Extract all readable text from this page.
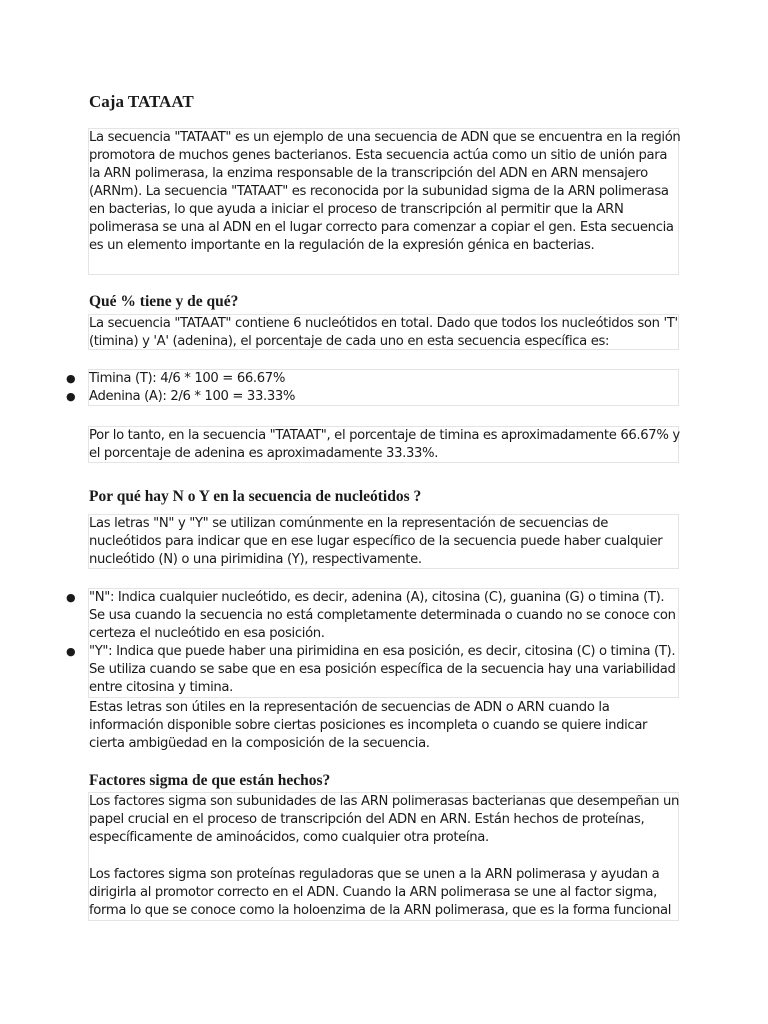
Caja TATAAT

La secuencia "TATAAT" es un ejemplo de una secuencia de ADN que se encuentra en la región promotora de muchos genes bacterianos. Esta secuencia actúa como un sitio de unión para la ARN polimerasa, la enzima responsable de la transcripción del ADN en ARN mensajero (ARNm). La secuencia "TATAAT" es reconocida por la subunidad sigma de la ARN polimerasa en bacterias, lo que ayuda a iniciar el proceso de transcripción al permitir que la ARN polimerasa se una al ADN en el lugar correcto para comenzar a copiar el gen. Esta secuencia es un elemento importante en la regulación de la expresión génica en bacterias.

Qué % tiene y de qué?

La secuencia "TATAAT" contiene 6 nucleótidos en total. Dado que todos los nucleótidos son 'T' (timina) y 'A' (adenina), el porcentaje de cada uno en esta secuencia específica es:

● Timina (T): 4/6 * 100 = 66.67%
● Adenina (A): 2/6 * 100 = 33.33%

Por lo tanto, en la secuencia "TATAAT", el porcentaje de timina es aproximadamente 66.67% y el porcentaje de adenina es aproximadamente 33.33%.

Por qué hay N o Y en la secuencia de nucleótidos ?

Las letras "N" y "Y" se utilizan comúnmente en la representación de secuencias de nucleótidos para indicar que en ese lugar específico de la secuencia puede haber cualquier nucleótido (N) o una pirimidina (Y), respectivamente.

● "N": Indica cualquier nucleótido, es decir, adenina (A), citosina (C), guanina (G) o timina (T). Se usa cuando la secuencia no está completamente determinada o cuando no se conoce con certeza el nucleótido en esa posición.
● "Y": Indica que puede haber una pirimidina en esa posición, es decir, citosina (C) o timina (T). Se utiliza cuando se sabe que en esa posición específica de la secuencia hay una variabilidad entre citosina y timina.

Estas letras son útiles en la representación de secuencias de ADN o ARN cuando la información disponible sobre ciertas posiciones es incompleta o cuando se quiere indicar cierta ambigüedad en la composición de la secuencia.

Factores sigma de que están hechos?

Los factores sigma son subunidades de las ARN polimerasas bacterianas que desempeñan un papel crucial en el proceso de transcripción del ADN en ARN. Están hechos de proteínas, específicamente de aminoácidos, como cualquier otra proteína.

Los factores sigma son proteínas reguladoras que se unen a la ARN polimerasa y ayudan a dirigirla al promotor correcto en el ADN. Cuando la ARN polimerasa se une al factor sigma, forma lo que se conoce como la holoenzima de la ARN polimerasa, que es la forma funcional
